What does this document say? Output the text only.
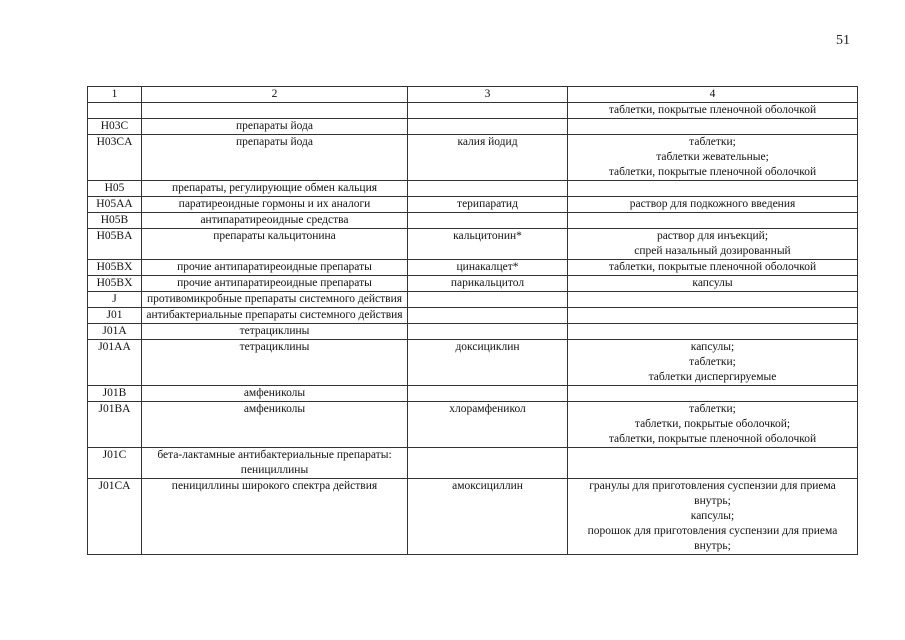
51
1	2	3	4

			таблетки, покрытые пленочной оболочкой

H03C	препараты йода		
H03CA	препараты йода	калия йодид	таблетки;
таблетки жевательные;
таблетки, покрытые пленочной оболочкой

H05	препараты, регулирующие обмен кальция		
H05AA	паратиреоидные гормоны и их аналоги	терипаратид	раствор для подкожного введения

H05B	антипаратиреоидные средства		
H05BA	препараты кальцитонина	кальцитонин*	раствор для инъекций;
спрей назальный дозированный

H05BX	прочие антипаратиреоидные препараты	цинакалцет*	таблетки, покрытые пленочной оболочкой

H05BX	прочие антипаратиреоидные препараты	парикальцитол	капсулы

J	противомикробные препараты системного действия		
J01	антибактериальные препараты системного действия		
J01A	тетрациклины		
J01AA	тетрациклины	доксициклин	капсулы;
таблетки;
таблетки диспергируемые

J01B	амфениколы		
J01BA	амфениколы	хлорамфеникол	таблетки;
таблетки, покрытые оболочкой;
таблетки, покрытые пленочной оболочкой

J01C	бета-лактамные антибактериальные препараты: пенициллины		
J01CA	пенициллины широкого спектра действия	амоксициллин	гранулы для приготовления суспензии для приема внутрь;
капсулы;
порошок для приготовления суспензии для приема внутрь;
